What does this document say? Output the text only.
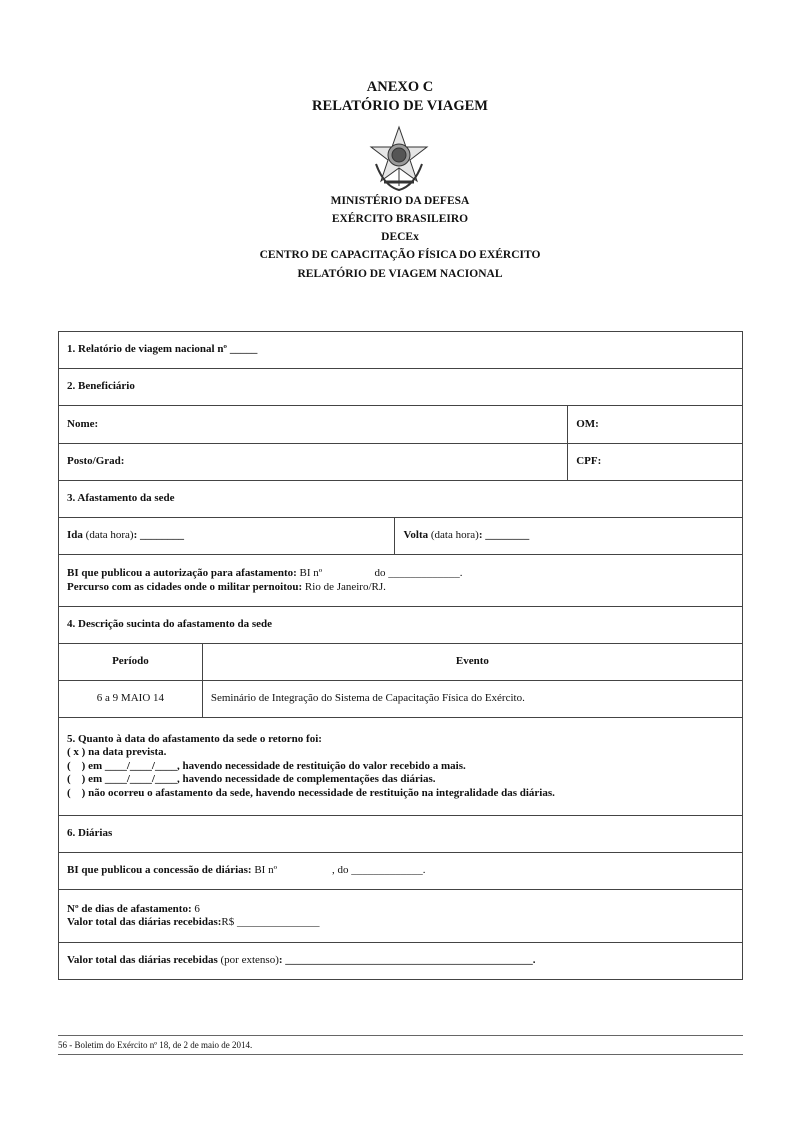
ANEXO C
RELATÓRIO DE VIAGEM
MINISTÉRIO DA DEFESA
EXÉRCITO BRASILEIRO
DECEx
CENTRO DE CAPACITAÇÃO FÍSICA DO EXÉRCITO
RELATÓRIO DE VIAGEM NACIONAL
1. Relatório de viagem nacional nº _____			
2. Beneficiário			
Nome:			OM:
Posto/Grad:			CPF:
3. Afastamento da sede			
Ida (data hora): ________		Volta (data hora): ________	

BI que publicou a autorização para afastamento: BI nº                   do _____________.
Percurso com as cidades onde o militar pernoitou: Rio de Janeiro/RJ.			

4. Descrição sucinta do afastamento da sede			
Período	Evento		
6 a 9 MAIO 14	Seminário de Integração do Sistema de Capacitação Física do Exército.		

5. Quanto à data do afastamento da sede o retorno foi:
( x ) na data prevista.
(    ) em ____/____/____, havendo necessidade de restituição do valor recebido a mais.
(    ) em ____/____/____, havendo necessidade de complementações das diárias.
(    ) não ocorreu o afastamento da sede, havendo necessidade de restituição na integralidade das diárias.			

6. Diárias			
BI que publicou a concessão de diárias: BI nº                    , do _____________.			

Nº de dias de afastamento: 6
Valor total das diárias recebidas:R$ _______________			

Valor total das diárias recebidas (por extenso): _____________________________________________.			
56 - Boletim do Exército nº 18, de 2 de maio de 2014.
